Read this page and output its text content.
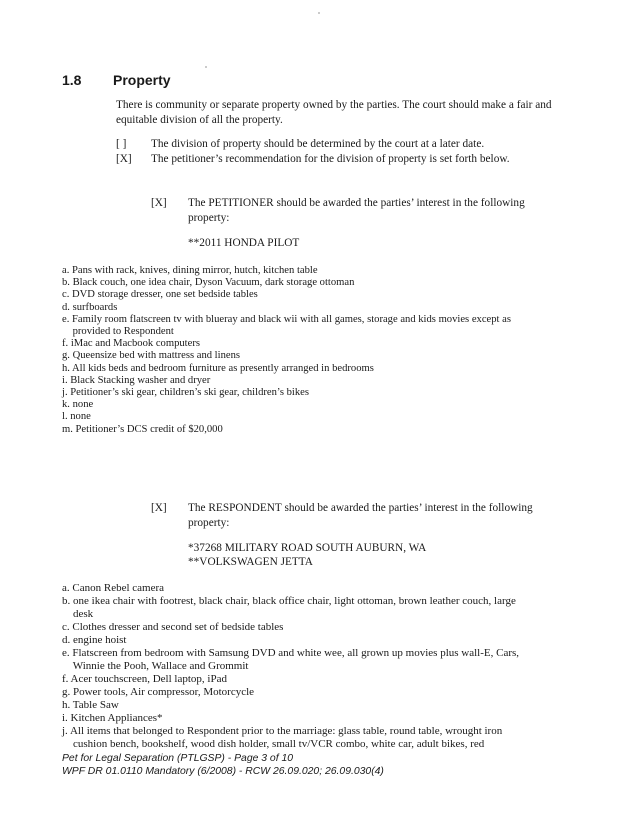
1.8 Property
There is community or separate property owned by the parties. The court should make a fair and
equitable division of all the property.
[ ] The division of property should be determined by the court at a later date.
[X] The petitioner’s recommendation for the division of property is set forth below.
[X] The PETITIONER should be awarded the parties’ interest in the following
property:
**2011 HONDA PILOT
a. Pans with rack, knives, dining mirror, hutch, kitchen table
b. Black couch, one idea chair, Dyson Vacuum, dark storage ottoman
c. DVD storage dresser, one set bedside tables
d. surfboards
e. Family room flatscreen tv with blueray and black wii with all games, storage and kids movies except as
provided to Respondent
f. iMac and Macbook computers
g. Queensize bed with mattress and linens
h. All kids beds and bedroom furniture as presently arranged in bedrooms
i. Black Stacking washer and dryer
j. Petitioner’s ski gear, children’s ski gear, children’s bikes
k. none
l. none
m. Petitioner’s DCS credit of $20,000
[X] The RESPONDENT should be awarded the parties’ interest in the following
property:
*37268 MILITARY ROAD SOUTH AUBURN, WA
**VOLKSWAGEN JETTA
a. Canon Rebel camera
b. one ikea chair with footrest, black chair, black office chair, light ottoman, brown leather couch, large
desk
c. Clothes dresser and second set of bedside tables
d. engine hoist
e. Flatscreen from bedroom with Samsung DVD and white wee, all grown up movies plus wall-E, Cars,
Winnie the Pooh, Wallace and Grommit
f. Acer touchscreen, Dell laptop, iPad
g. Power tools, Air compressor, Motorcycle
h. Table Saw
i. Kitchen Appliances*
j. All items that belonged to Respondent prior to the marriage: glass table, round table, wrought iron
cushion bench, bookshelf, wood dish holder, small tv/VCR combo, white car, adult bikes, red
Pet for Legal Separation (PTLGSP) - Page 3 of 10
WPF DR 01.0110 Mandatory (6/2008) - RCW 26.09.020; 26.09.030(4)
